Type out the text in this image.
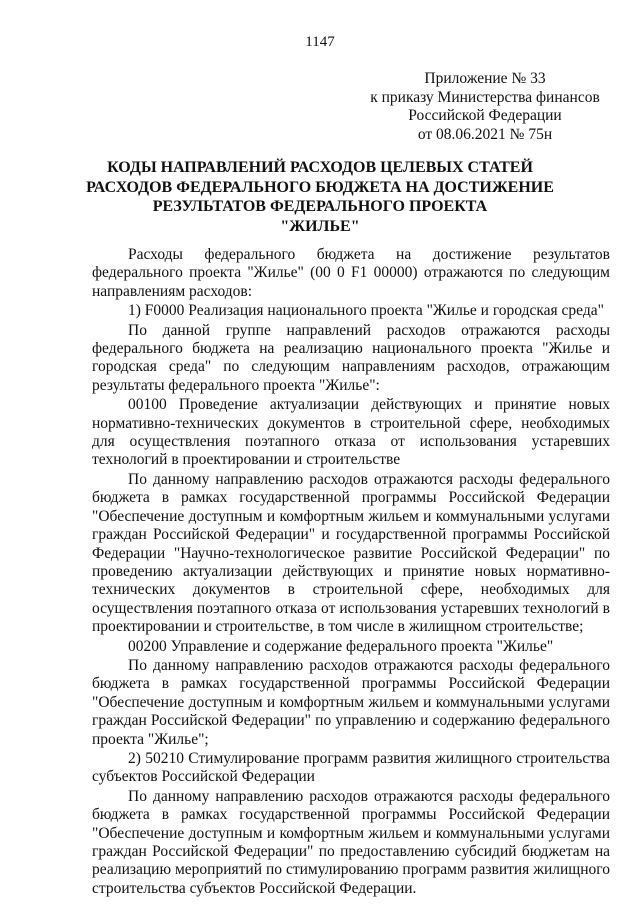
1147
Приложение № 33
к приказу Министерства финансов
Российской Федерации
от 08.06.2021 № 75н
КОДЫ НАПРАВЛЕНИЙ РАСХОДОВ ЦЕЛЕВЫХ СТАТЕЙ
РАСХОДОВ ФЕДЕРАЛЬНОГО БЮДЖЕТА НА ДОСТИЖЕНИЕ
РЕЗУЛЬТАТОВ ФЕДЕРАЛЬНОГО ПРОЕКТА
"ЖИЛЬЕ"

Расходы федерального бюджета на достижение результатов федерального проекта "Жилье" (00 0 F1 00000) отражаются по следующим направлениям расходов:

1) F0000 Реализация национального проекта "Жилье и городская среда"

По данной группе направлений расходов отражаются расходы федерального бюджета на реализацию национального проекта "Жилье и городская среда" по следующим направлениям расходов, отражающим результаты федерального проекта "Жилье":

00100 Проведение актуализации действующих и принятие новых нормативно-технических документов в строительной сфере, необходимых для осуществления поэтапного отказа от использования устаревших технологий в проектировании и строительстве

По данному направлению расходов отражаются расходы федерального бюджета в рамках государственной программы Российской Федерации "Обеспечение доступным и комфортным жильем и коммунальными услугами граждан Российской Федерации" и государственной программы Российской Федерации "Научно-технологическое развитие Российской Федерации" по проведению актуализации действующих и принятие новых нормативно-технических документов в строительной сфере, необходимых для осуществления поэтапного отказа от использования устаревших технологий в проектировании и строительстве, в том числе в жилищном строительстве;

00200 Управление и содержание федерального проекта "Жилье"

По данному направлению расходов отражаются расходы федерального бюджета в рамках государственной программы Российской Федерации "Обеспечение доступным и комфортным жильем и коммунальными услугами граждан Российской Федерации" по управлению и содержанию федерального проекта "Жилье";

2) 50210 Стимулирование программ развития жилищного строительства субъектов Российской Федерации

По данному направлению расходов отражаются расходы федерального бюджета в рамках государственной программы Российской Федерации "Обеспечение доступным и комфортным жильем и коммунальными услугами граждан Российской Федерации" по предоставлению субсидий бюджетам на реализацию мероприятий по стимулированию программ развития жилищного строительства субъектов Российской Федерации.
